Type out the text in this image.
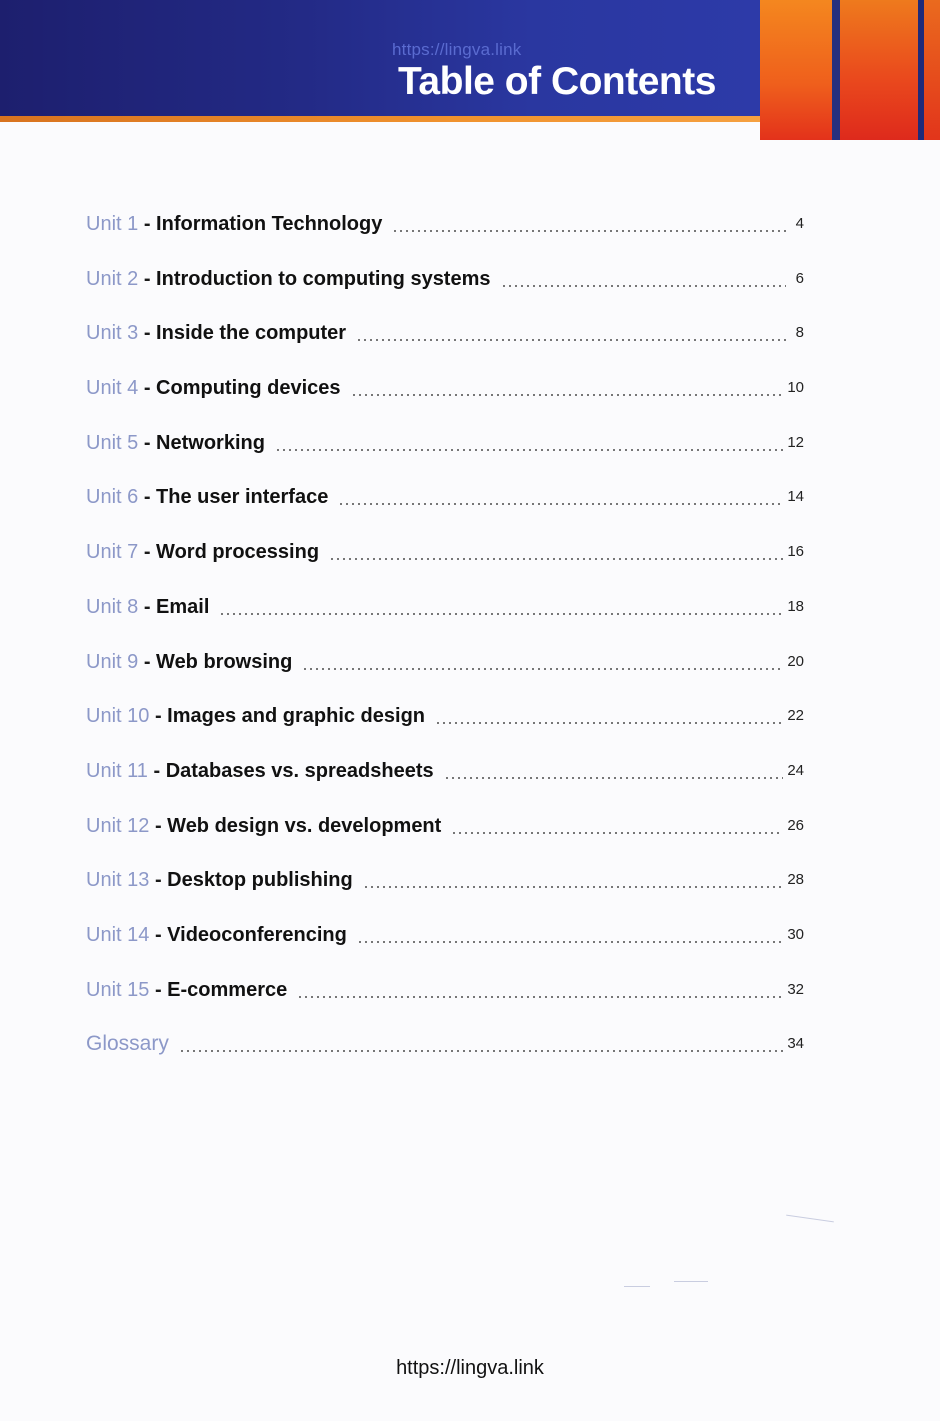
https://lingva.link
Table of Contents
Unit 1 - Information Technology	4
Unit 2 - Introduction to computing systems	6
Unit 3 - Inside the computer	8
Unit 4 - Computing devices	10
Unit 5 - Networking	12
Unit 6 - The user interface	14
Unit 7 - Word processing	16
Unit 8 - Email	18
Unit 9 - Web browsing	20
Unit 10 - Images and graphic design	22
Unit 11 - Databases vs. spreadsheets	24
Unit 12 - Web design vs. development	26
Unit 13 - Desktop publishing	28
Unit 14 - Videoconferencing	30
Unit 15 - E-commerce	32
Glossary	34
https://lingva.link
